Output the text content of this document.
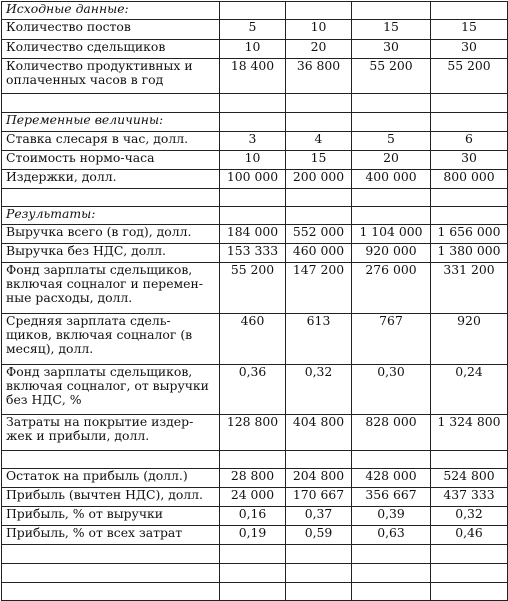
Исходные данные:				
Количество постов	5	10	15	15
Количество сдельщиков	10	20	30	30

Количество продуктивных и
оплаченных часов в год	18 400	36 800	55 200	55 200

Переменные величины:				
Ставка слесаря в час, долл.	3	4	5	6
Стоимость нормо-часа	10	15	20	30
Издержки, долл.	100 000	200 000	400 000	800 000

Результаты:				
Выручка всего (в год), долл.	184 000	552 000	1 104 000	1 656 000
Выручка без НДС, долл.	153 333	460 000	920 000	1 380 000

Фонд зарплаты сдельщиков,
включая соцналог и перемен-
ные расходы, долл.	55 200	147 200	276 000	331 200

Средняя зарплата сдель-
щиков, включая соцналог (в
месяц), долл.	460	613	767	920

Фонд зарплаты сдельщиков,
включая соцналог, от выручки
без НДС, %	0,36	0,32	0,30	0,24

Затраты на покрытие издер-
жек и прибыли, долл.	128 800	404 800	828 000	1 324 800

Остаток на прибыль (долл.)	28 800	204 800	428 000	524 800
Прибыль (вычтен НДС), долл.	24 000	170 667	356 667	437 333
Прибыль, % от выручки	0,16	0,37	0,39	0,32
Прибыль, % от всех затрат	0,19	0,59	0,63	0,46
